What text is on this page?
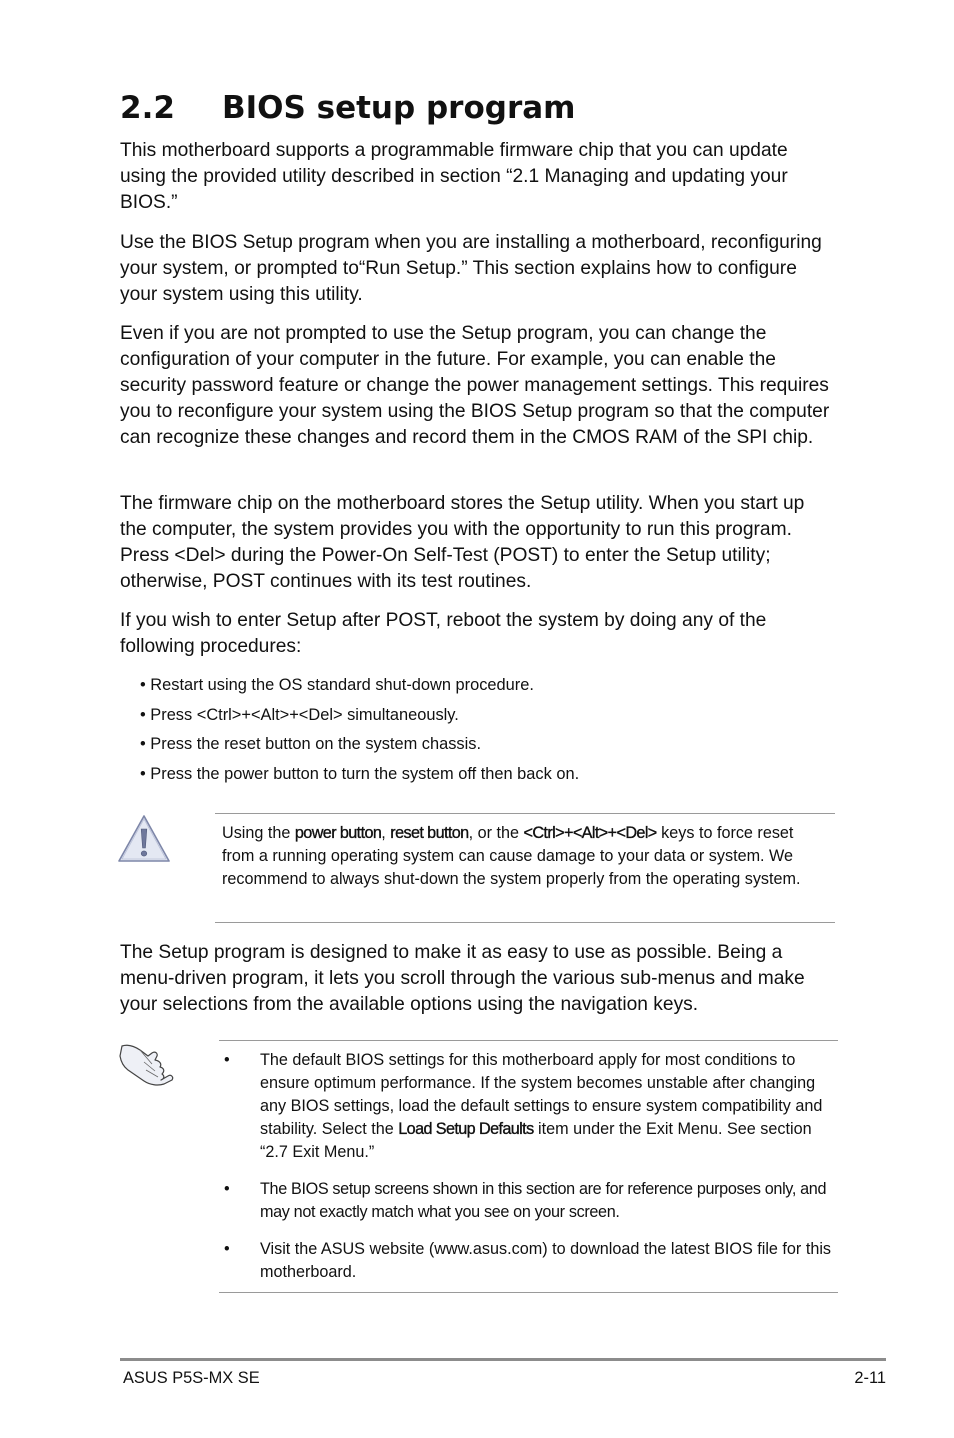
2.2 BIOS setup program

This motherboard supports a programmable firmware chip that you can update using the provided utility described in section “2.1 Managing and updating your BIOS.”

Use the BIOS Setup program when you are installing a motherboard, reconfiguring your system, or prompted to“Run Setup.” This section explains how to configure your system using this utility.

Even if you are not prompted to use the Setup program, you can change the configuration of your computer in the future. For example, you can enable the security password feature or change the power management settings. This requires you to reconfigure your system using the BIOS Setup program so that the computer can recognize these changes and record them in the CMOS RAM of the SPI chip.

The firmware chip on the motherboard stores the Setup utility. When you start up the computer, the system provides you with the opportunity to run this program. Press <Del> during the Power-On Self-Test (POST) to enter the Setup utility; otherwise, POST continues with its test routines.

If you wish to enter Setup after POST, reboot the system by doing any of the following procedures:

• Restart using the OS standard shut-down procedure.
• Press <Ctrl>+<Alt>+<Del> simultaneously.
• Press the reset button on the system chassis.
• Press the power button to turn the system off then back on.

Using the power button, reset button, or the <Ctrl>+<Alt>+<Del> keys to force reset from a running operating system can cause damage to your data or system. We recommend to always shut-down the system properly from the operating system.

The Setup program is designed to make it as easy to use as possible. Being a menu-driven program, it lets you scroll through the various sub-menus and make your selections from the available options using the navigation keys.

• The default BIOS settings for this motherboard apply for most conditions to ensure optimum performance. If the system becomes unstable after changing any BIOS settings, load the default settings to ensure system compatibility and stability. Select the Load Setup Defaults item under the Exit Menu. See section “2.7 Exit Menu.”
• The BIOS setup screens shown in this section are for reference purposes only, and may not exactly match what you see on your screen.
• Visit the ASUS website (www.asus.com) to download the latest BIOS file for this motherboard.
ASUS P5S-MX SE	2-11
